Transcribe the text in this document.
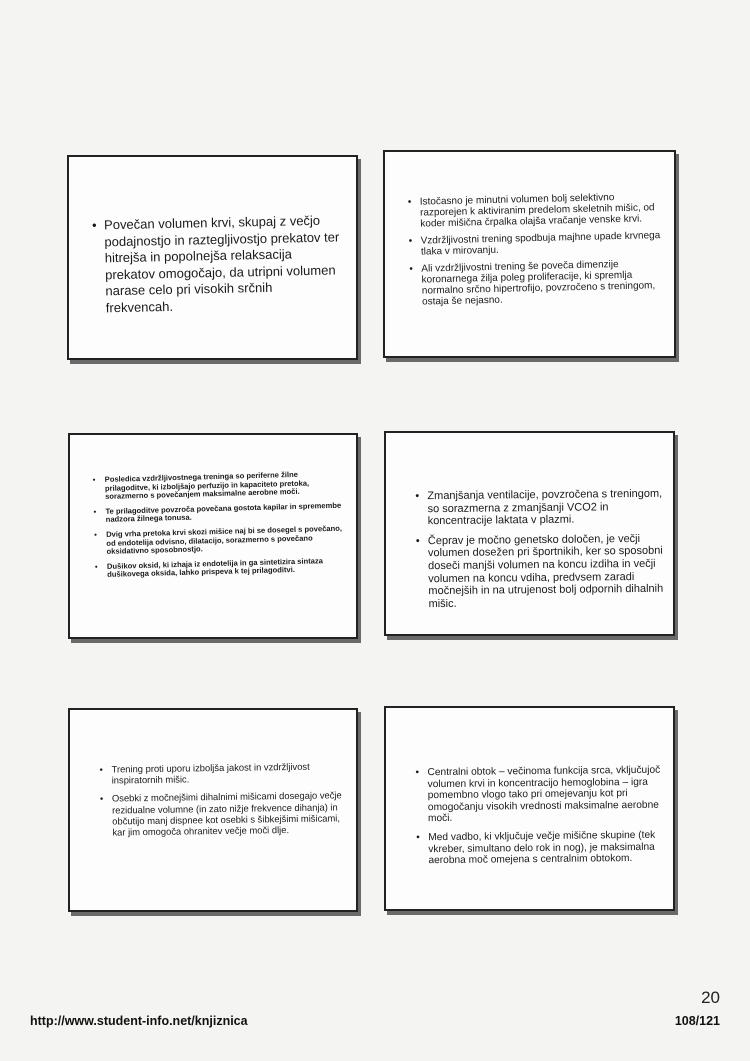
• Povečan volumen krvi, skupaj z večjo podajnostjo in raztegljivostjo prekatov ter hitrejša in popolnejša relaksacija prekatov omogočajo, da utripni volumen narase celo pri visokih srčnih frekvencah.
• Istočasno je minutni volumen bolj selektivno razporejen k aktiviranim predelom skeletnih mišic, od koder mišična črpalka olajša vračanje venske krvi.
• Vzdržljivostni trening spodbuja majhne upade krvnega tlaka v mirovanju.
• Ali vzdržljivostni trening še poveča dimenzije koronarnega žilja poleg proliferacije, ki spremlja normalno srčno hipertrofijo, povzročeno s treningom, ostaja še nejasno.
• Posledica vzdržljivostnega treninga so periferne žilne prilagoditve, ki izboljšajo perfuzijo in kapaciteto pretoka, sorazmerno s povečanjem maksimalne aerobne moči.
• Te prilagoditve povzroča povečana gostota kapilar in spremembe nadzora žilnega tonusa.
• Dvig vrha pretoka krvi skozi mišice naj bi se dosegel s povečano, od endotelija odvisno, dilatacijo, sorazmerno s povečano oksidativno sposobnostjo.
• Dušikov oksid, ki izhaja iz endotelija in ga sintetizira sintaza dušikovega oksida, lahko prispeva k tej prilagoditvi.
• Zmanjšanja ventilacije, povzročena s treningom, so sorazmerna z zmanjšanji VCO2 in koncentracije laktata v plazmi.
• Čeprav je močno genetsko določen, je večji volumen dosežen pri športnikih, ker so sposobni doseči manjši volumen na koncu izdiha in večji volumen na koncu vdiha, predvsem zaradi močnejših in na utrujenost bolj odpornih dihalnih mišic.
• Trening proti uporu izboljša jakost in vzdržljivost inspiratornih mišic.
• Osebki z močnejšimi dihalnimi mišicami dosegajo večje rezidualne volumne (in zato nižje frekvence dihanja) in občutijo manj dispnee kot osebki s šibkejšimi mišicami, kar jim omogoča ohranitev večje moči dlje.
• Centralni obtok – večinoma funkcija srca, vključujoč volumen krvi in koncentracijo hemoglobina – igra pomembno vlogo tako pri omejevanju kot pri omogočanju visokih vrednosti maksimalne aerobne moči.
• Med vadbo, ki vključuje večje mišične skupine (tek vkreber, simultano delo rok in nog), je maksimalna aerobna moč omejena s centralnim obtokom.
20
http://www.student-info.net/knjiznica	108/121
